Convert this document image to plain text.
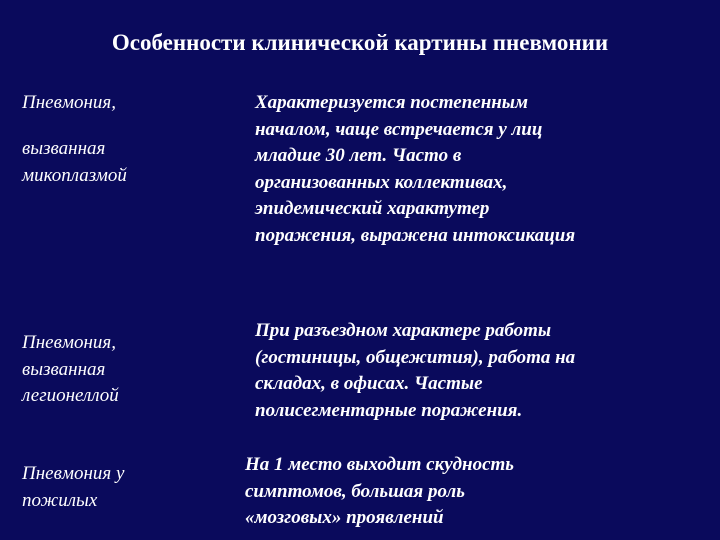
Особенности клинической картины пневмонии
Пневмония,
вызванная
микоплазмой
Характеризуется постепенным
началом, чаще встречается у лиц
младше 30 лет. Часто в
организованных коллективах,
эпидемический характутер
поражения, выражена интоксикация
Пневмония,
вызванная
легионеллой
При разъездном характере работы
(гостиницы, общежития), работа на
складах, в офисах. Частые
полисегментарные поражения.
Пневмония у
пожилых
На 1 место выходит скудность
симптомов, большая роль
«мозговых» проявлений
